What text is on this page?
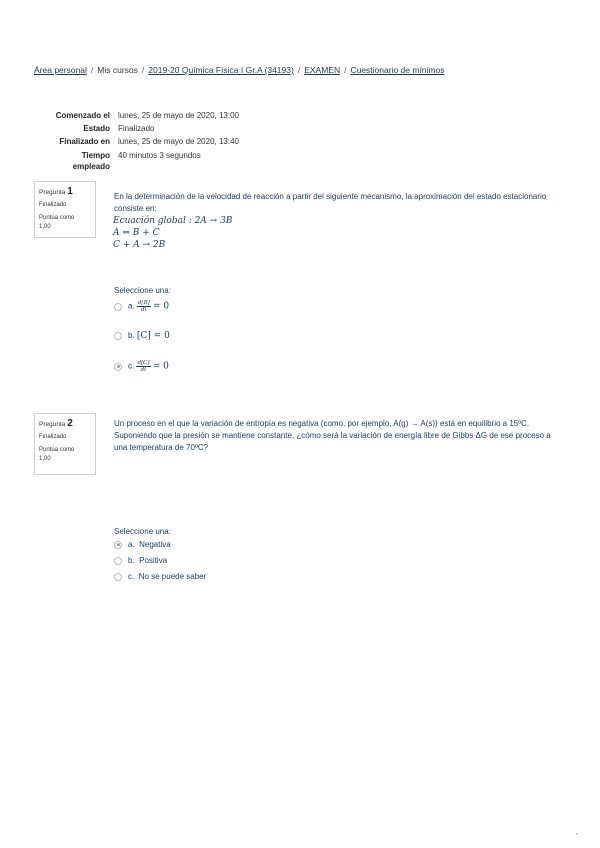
Área personal / Mis cursos / 2019-20 Química Física I Gr.A (34193) / EXAMEN / Cuestionario de mínimos
Comenzado el lunes, 25 de mayo de 2020, 13:00
Estado Finalizado
Finalizado en lunes, 25 de mayo de 2020, 13:40
Tiempo
empleado
40 minutos 3 segundos
Pregunta 1
Finalizado
Puntúa como
1,00
En la determinación de la velocidad de reacción a partir del siguiente mecanismo, la aproximación del estado estacionario consiste en:
Ecuación global : 2A → 3B
A ⇔ B + C
C + A → 2B
Seleccione una:
a. $\frac{d[B]}{dt} = 0$
b. [C] = 0
c. $\frac{d[C]}{dt} = 0$
Pregunta 2
Finalizado
Puntúa como
1,00
Un proceso en el que la variación de entropía es negativa (como, por ejemplo, A(g) → A(s)) está en equilibrio a 15ºC. Suponiendo que la presión se mantiene constante, ¿cómo será la variación de energía libre de Gibbs ΔG de ese proceso a una temperatura de 70ºC?
Seleccione una:
a. Negativa
b. Positiva
c. No se puede saber
,
